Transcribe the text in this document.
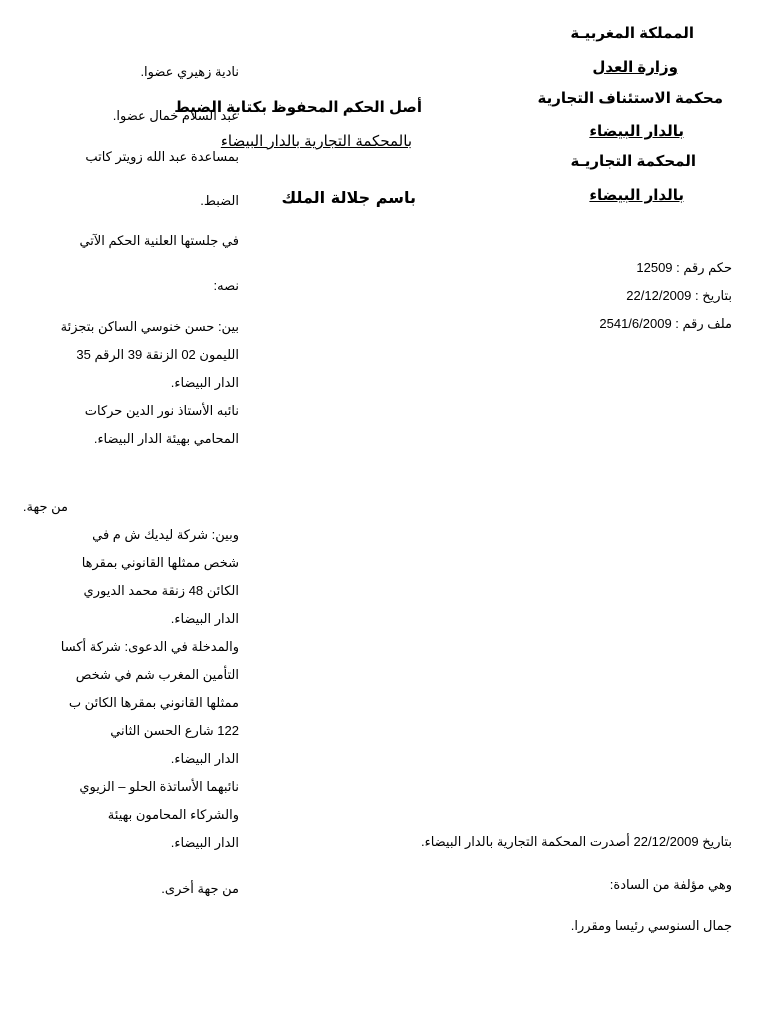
المملكة المغربيـة
وزارة العدل
محكمة الاستئناف التجارية
بالدار البيضاء
المحكمة التجاريـة
بالدار البيضاء
حكم رقم : 12509
بتاريخ : 22/12/2009
ملف رقم : 2541/6/2009
أصل الحكم المحفوظ بكتابة الضبط
بالمحكمة التجارية بالدار البيضاء
باسم جلالة الملك
نادية زهيري عضوا.
عبد السلام خمال عضوا.
بمساعدة عبد الله زويتر كاتب
الضبط.
في جلستها العلنية الحكم الآتي
نصه:
بين: حسن خنوسي الساكن بتجزئة
الليمون 02 الزنقة 39 الرقم 35
الدار البيضاء.
نائبه الأستاذ نور الدين حركات
المحامي بهيئة الدار البيضاء.
من جهة.
وبين: شركة ليديك ش م في
شخص ممثلها القانوني بمقرها
الكائن 48 زنقة محمد الديوري
الدار البيضاء.
والمدخلة في الدعوى: شركة أكسا
التأمين المغرب شم في شخص
ممثلها القانوني بمقرها الكائن ب
122 شارع الحسن الثاني
الدار البيضاء.
نائبهما الأساتذة الحلو – الزيوي
والشركاء المحامون بهيئة
الدار البيضاء.
من جهة أخرى.
بتاريخ 22/12/2009 أصدرت المحكمة التجارية بالدار البيضاء.
وهي مؤلفة من السادة:
جمال السنوسي رئيسا ومقررا.
